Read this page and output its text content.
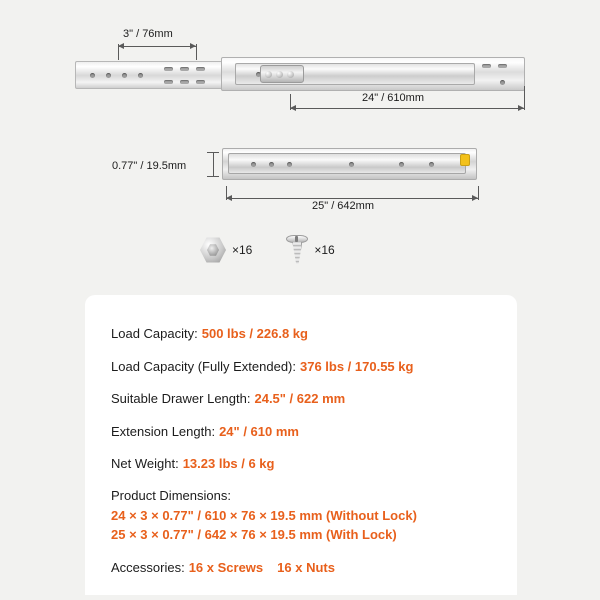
3" / 76mm
24" / 610mm
0.77" / 19.5mm
25" / 642mm
×16	×16
Load Capacity: 500 lbs / 226.8 kg
Load Capacity (Fully Extended): 376 lbs / 170.55 kg
Suitable Drawer Length: 24.5" / 622 mm
Extension Length: 24" / 610 mm
Net Weight: 13.23 lbs / 6 kg
Product Dimensions:
24 × 3 × 0.77" / 610 × 76 × 19.5 mm (Without Lock)
25 × 3 × 0.77" / 642 × 76 × 19.5 mm (With Lock)
Accessories: 16 x Screws 16 x Nuts
